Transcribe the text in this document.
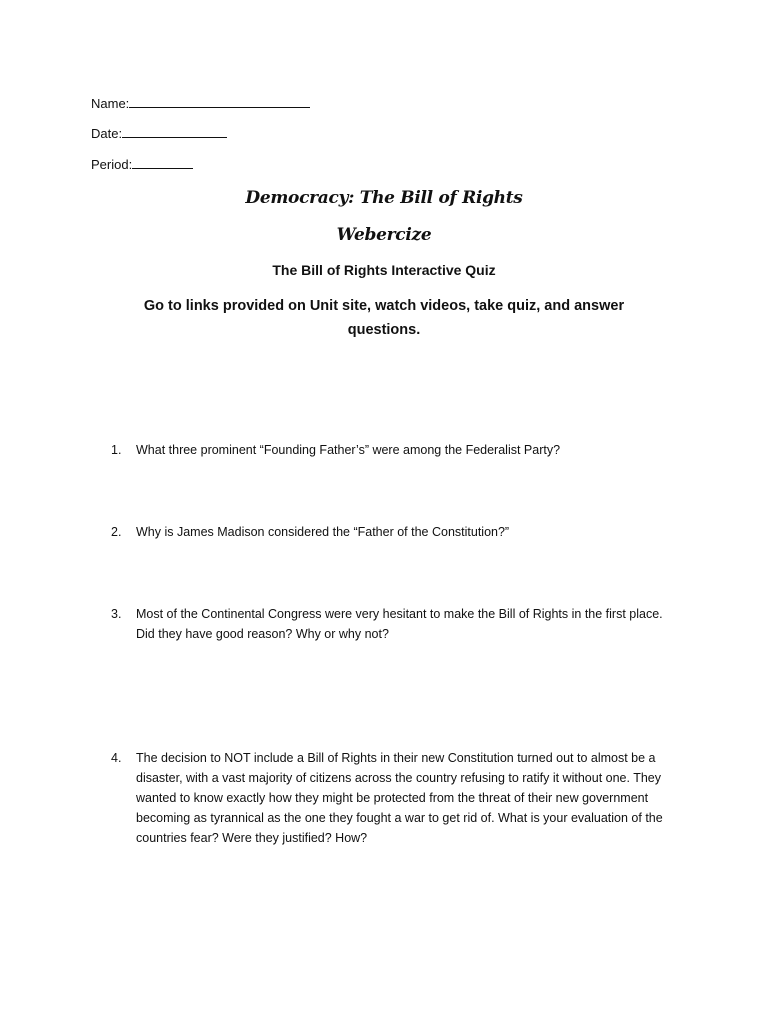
Name:
Date:
Period:
Democracy: The Bill of Rights
Webercize
The Bill of Rights Interactive Quiz
Go to links provided on Unit site, watch videos, take quiz, and answer questions.
1. What three prominent “Founding Father’s” were among the Federalist Party?
2. Why is James Madison considered the “Father of the Constitution?”
3. Most of the Continental Congress were very hesitant to make the Bill of Rights in the first place. Did they have good reason? Why or why not?
4. The decision to NOT include a Bill of Rights in their new Constitution turned out to almost be a disaster, with a vast majority of citizens across the country refusing to ratify it without one. They wanted to know exactly how they might be protected from the threat of their new government becoming as tyrannical as the one they fought a war to get rid of. What is your evaluation of the countries fear? Were they justified? How?
